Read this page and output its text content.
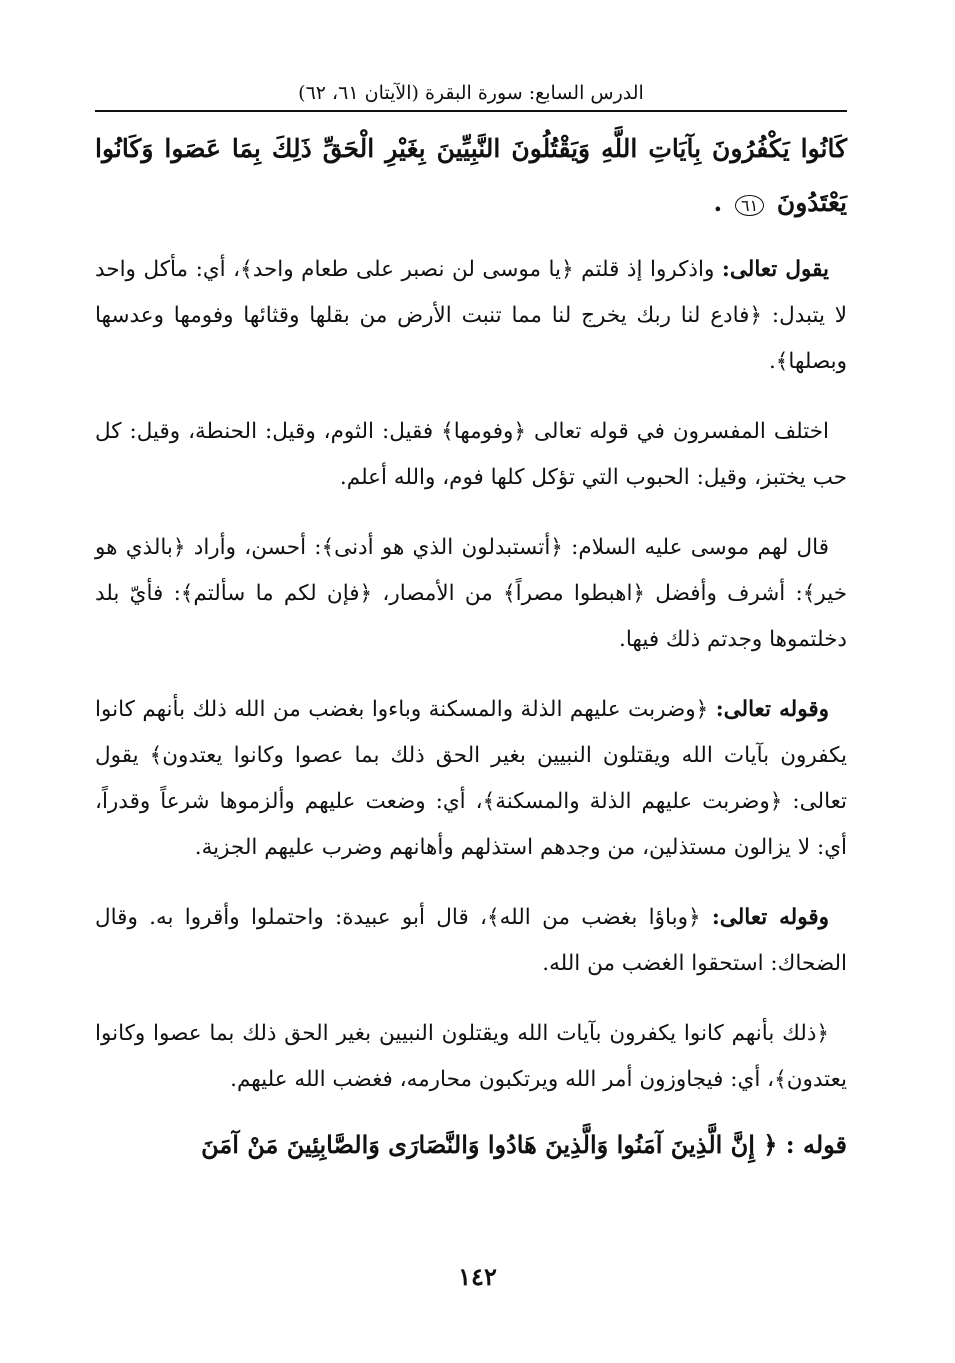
الدرس السابع: سورة البقرة (الآيتان ٦١، ٦٢)
كَانُوا يَكْفُرُونَ بِآيَاتِ اللَّهِ وَيَقْتُلُونَ النَّبِيِّينَ بِغَيْرِ الْحَقِّ ذَلِكَ بِمَا عَصَوا وَكَانُوا يَعْتَدُونَ ٦١ .

يقول تعالى: واذكروا إذ قلتم ﴿يا موسى لن نصبر على طعام واحد﴾، أي: مأكل واحد لا يتبدل: ﴿فادع لنا ربك يخرج لنا مما تنبت الأرض من بقلها وقثائها وفومها وعدسها وبصلها﴾.

اختلف المفسرون في قوله تعالى ﴿وفومها﴾ فقيل: الثوم، وقيل: الحنطة، وقيل: كل حب يختبز، وقيل: الحبوب التي تؤكل كلها فوم، والله أعلم.

قال لهم موسى عليه السلام: ﴿أتستبدلون الذي هو أدنى﴾: أحسن، وأراد ﴿بالذي هو خير﴾: أشرف وأفضل ﴿اهبطوا مصراً﴾ من الأمصار، ﴿فإن لكم ما سألتم﴾: فأيّ بلد دخلتموها وجدتم ذلك فيها.

وقوله تعالى: ﴿وضربت عليهم الذلة والمسكنة وباءوا بغضب من الله ذلك بأنهم كانوا يكفرون بآيات الله ويقتلون النبيين بغير الحق ذلك بما عصوا وكانوا يعتدون﴾ يقول تعالى: ﴿وضربت عليهم الذلة والمسكنة﴾، أي: وضعت عليهم وألزموها شرعاً وقدراً، أي: لا يزالون مستذلين، من وجدهم استذلهم وأهانهم وضرب عليهم الجزية.

وقوله تعالى: ﴿وباؤا بغضب من الله﴾، قال أبو عبيدة: واحتملوا وأقروا به. وقال الضحاك: استحقوا الغضب من الله.

﴿ذلك بأنهم كانوا يكفرون بآيات الله ويقتلون النبيين بغير الحق ذلك بما عصوا وكانوا يعتدون﴾، أي: فيجاوزون أمر الله ويرتكبون محارمه، فغضب الله عليهم.

قوله : ﴿ إِنَّ الَّذِينَ آمَنُوا وَالَّذِينَ هَادُوا وَالنَّصَارَى وَالصَّابِئِينَ مَنْ آمَنَ
١٤٢
